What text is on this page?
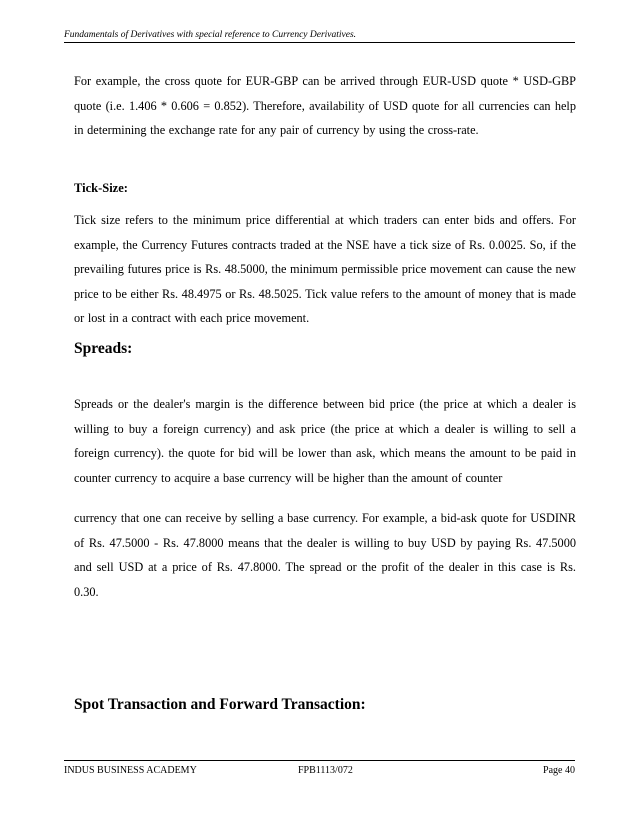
Fundamentals of Derivatives with special reference to Currency Derivatives.

For example, the cross quote for EUR-GBP can be arrived through EUR-USD quote * USD-GBP quote (i.e. 1.406 * 0.606 = 0.852). Therefore, availability of USD quote for all currencies can help in determining the exchange rate for any pair of currency by using the cross-rate.

Tick-Size:

Tick size refers to the minimum price differential at which traders can enter bids and offers. For example, the Currency Futures contracts traded at the NSE have a tick size of Rs. 0.0025. So, if the prevailing futures price is Rs. 48.5000, the minimum permissible price movement can cause the new price to be either Rs. 48.4975 or Rs. 48.5025. Tick value refers to the amount of money that is made or lost in a contract with each price movement.

Spreads:

Spreads or the dealer's margin is the difference between bid price (the price at which a dealer is willing to buy a foreign currency) and ask price (the price at which a dealer is willing to sell a foreign currency). the quote for bid will be lower than ask, which means the amount to be paid in counter currency to acquire a base currency will be higher than the amount of counter

currency that one can receive by selling a base currency. For example, a bid-ask quote for USDINR of Rs. 47.5000 - Rs. 47.8000 means that the dealer is willing to buy USD by paying Rs. 47.5000 and sell USD at a price of Rs. 47.8000. The spread or the profit of the dealer in this case is Rs. 0.30.

Spot Transaction and Forward Transaction:
INDUS BUSINESS ACADEMY	FPB1113/072	Page 40
